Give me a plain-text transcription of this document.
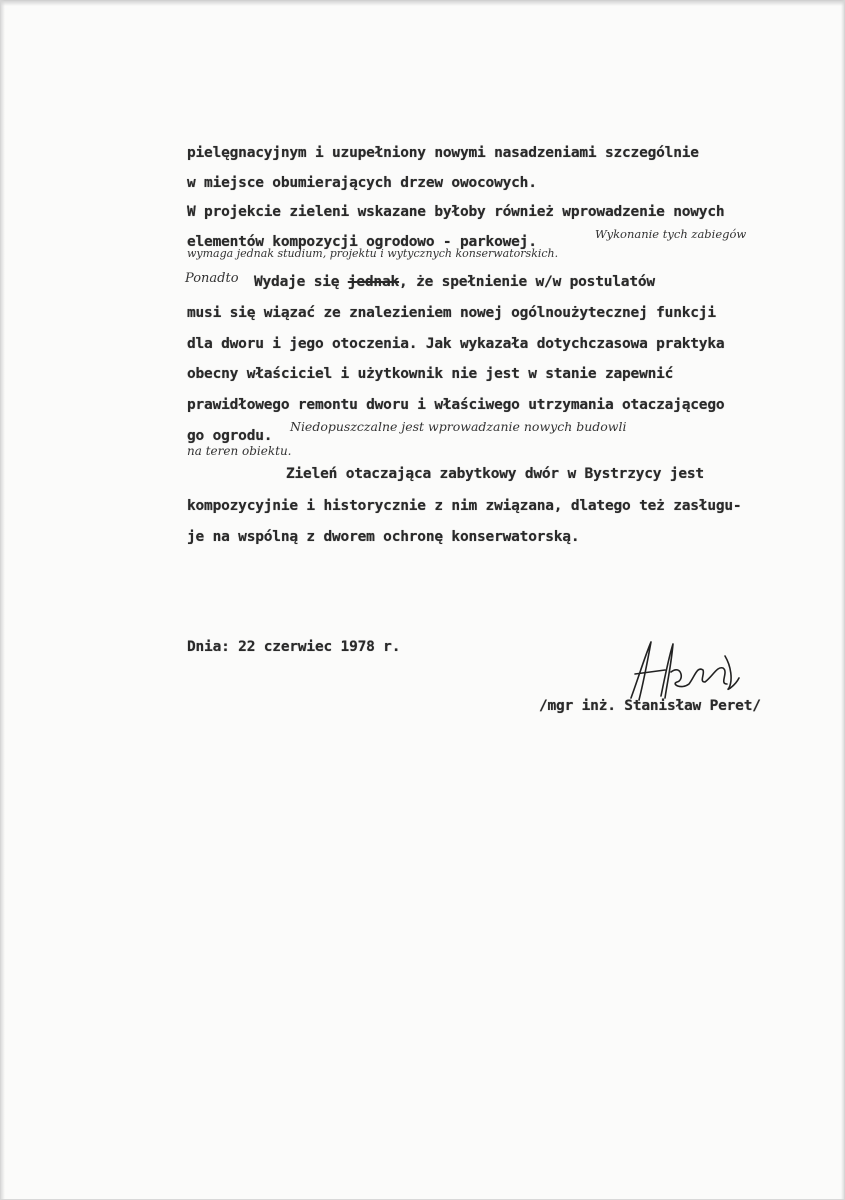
pielęgnacyjnym i uzupełniony nowymi nasadzeniami szczególnie
w miejsce obumierających drzew owocowych.
W projekcie zieleni wskazane byłoby również wprowadzenie nowych
elementów kompozycji ogrodowo - parkowej.	Wykonanie tych zabiegów
wymaga jednak studium, projektu i wytycznych konserwatorskich.
Ponadto Wydaje się jednak, że spełnienie w/w postulatów
musi się wiązać ze znalezieniem nowej ogólnoużytecznej funkcji
dla dworu i jego otoczenia. Jak wykazała dotychczasowa praktyka
obecny właściciel i użytkownik nie jest w stanie zapewnić
prawidłowego remontu dworu i właściwego utrzymania otaczającego
go ogrodu.
Niedopuszczalne jest wprowadzanie nowych budowli
na teren obiektu.
Zieleń otaczająca zabytkowy dwór w Bystrzycy jest
kompozycyjnie i historycznie z nim związana, dlatego też zasługu-
je na wspólną z dworem ochronę konserwatorską.
Dnia: 22 czerwiec 1978 r.
/mgr inż. Stanisław Peret/
